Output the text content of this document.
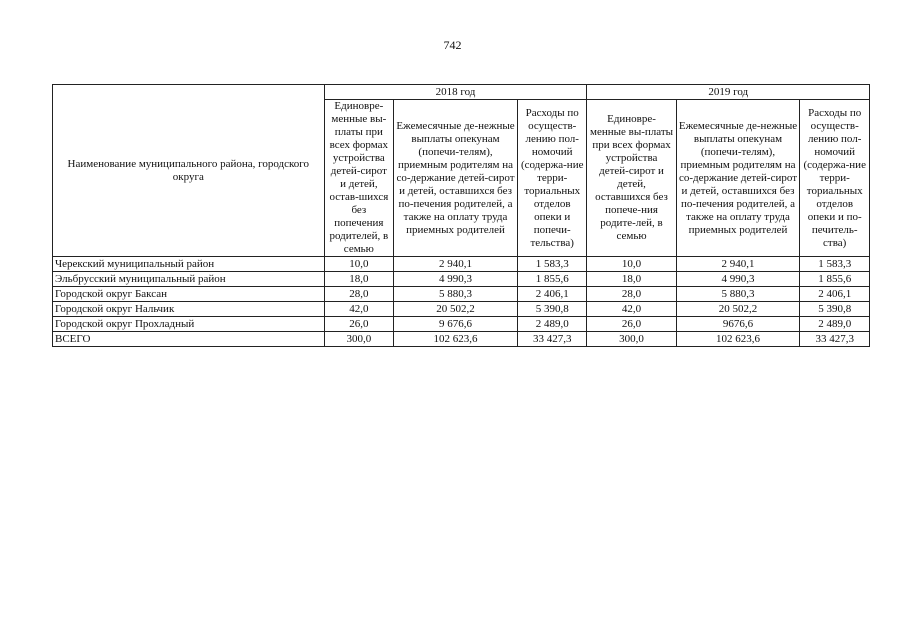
742
Наименование муниципального района, городского округа	2018 год			2019 год		
	Единовре-менные вы-платы при всех формах устройства детей-сирот и детей, остав-шихся без попечения родителей, в семью	Ежемесячные де-нежные выплаты опекунам (попечи-телям), приемным родителям на со-держание детей-сирот и детей, оставшихся без по-печения родителей, а также на оплату труда приемных родителей	Расходы по осуществ-лению пол-номочий (содержа-ние терри-ториальных отделов опеки и попечи-тельства)	Единовре-менные вы-платы при всех формах устройства детей-сирот и детей, оставшихся без попече-ния родите-лей, в семью	Ежемесячные де-нежные выплаты опекунам (попечи-телям), приемным родителям на со-держание детей-сирот и детей, оставшихся без по-печения родителей, а также на оплату труда приемных родителей	Расходы по осуществ-лению пол-номочий (содержа-ние терри-ториальных отделов опеки и по-печитель-ства)
Черекский муниципальный район	10,0	2 940,1	1 583,3	10,0	2 940,1	1 583,3
Эльбрусский муниципальный район	18,0	4 990,3	1 855,6	18,0	4 990,3	1 855,6
Городской округ Баксан	28,0	5 880,3	2 406,1	28,0	5 880,3	2 406,1
Городской округ Нальчик	42,0	20 502,2	5 390,8	42,0	20 502,2	5 390,8
Городской округ Прохладный	26,0	9 676,6	2 489,0	26,0	9676,6	2 489,0
ВСЕГО	300,0	102 623,6	33 427,3	300,0	102 623,6	33 427,3
